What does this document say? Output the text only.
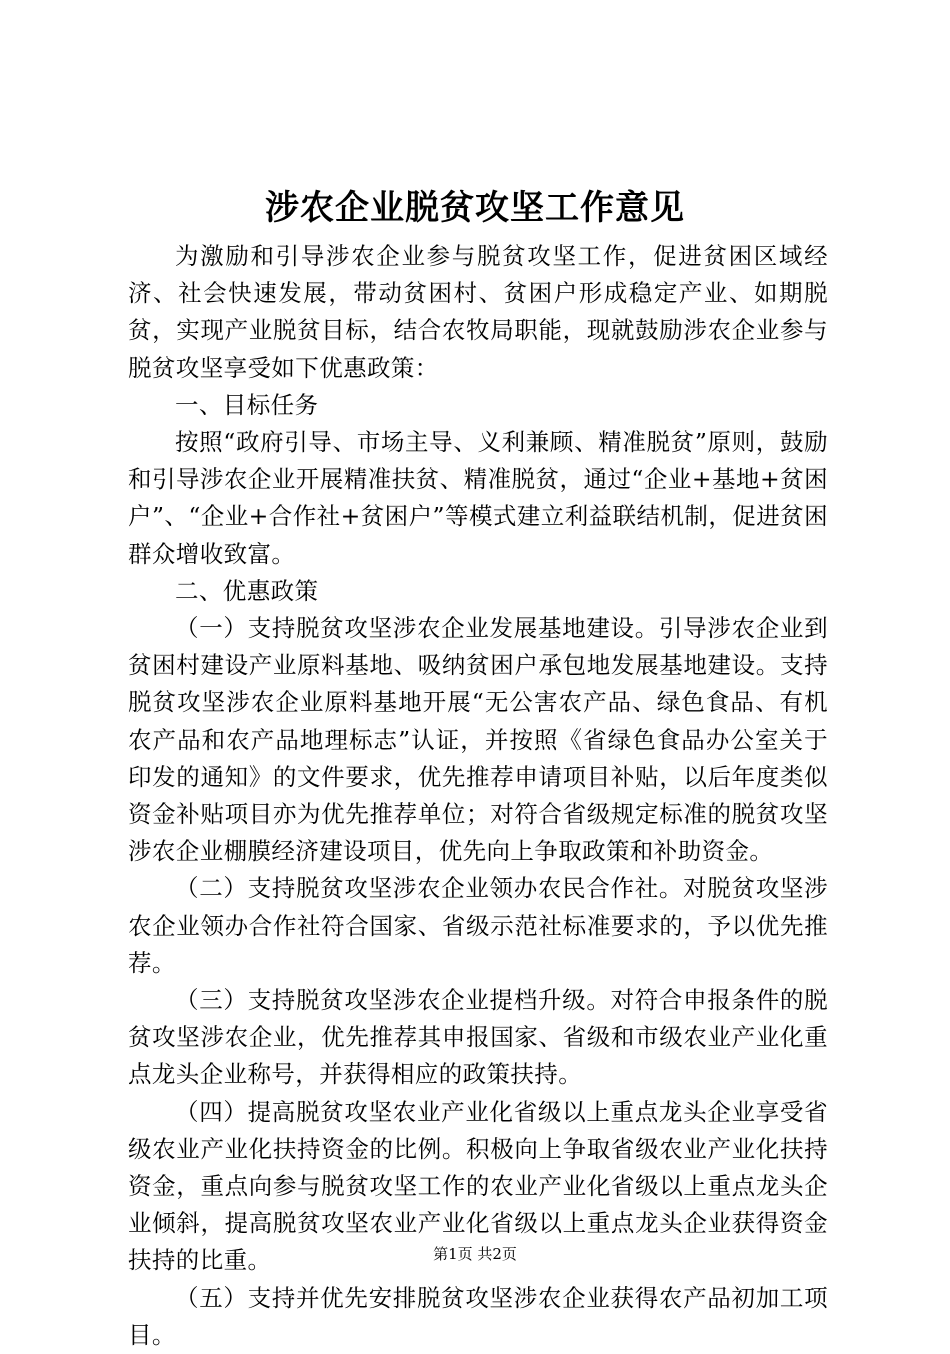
涉农企业脱贫攻坚工作意见

为激励和引导涉农企业参与脱贫攻坚工作，促进贫困区域经济、社会快速发展，带动贫困村、贫困户形成稳定产业、如期脱贫，实现产业脱贫目标，结合农牧局职能，现就鼓励涉农企业参与脱贫攻坚享受如下优惠政策：

一、目标任务

按照“政府引导、市场主导、义利兼顾、精准脱贫”原则，鼓励和引导涉农企业开展精准扶贫、精准脱贫，通过“企业+基地+贫困户”、“企业+合作社+贫困户”等模式建立利益联结机制，促进贫困群众增收致富。

二、优惠政策

（一）支持脱贫攻坚涉农企业发展基地建设。引导涉农企业到贫困村建设产业原料基地、吸纳贫困户承包地发展基地建设。支持脱贫攻坚涉农企业原料基地开展“无公害农产品、绿色食品、有机农产品和农产品地理标志”认证，并按照《省绿色食品办公室关于印发的通知》的文件要求，优先推荐申请项目补贴，以后年度类似资金补贴项目亦为优先推荐单位；对符合省级规定标准的脱贫攻坚涉农企业棚膜经济建设项目，优先向上争取政策和补助资金。

（二）支持脱贫攻坚涉农企业领办农民合作社。对脱贫攻坚涉农企业领办合作社符合国家、省级示范社标准要求的，予以优先推荐。

（三）支持脱贫攻坚涉农企业提档升级。对符合申报条件的脱贫攻坚涉农企业，优先推荐其申报国家、省级和市级农业产业化重点龙头企业称号，并获得相应的政策扶持。

（四）提高脱贫攻坚农业产业化省级以上重点龙头企业享受省级农业产业化扶持资金的比例。积极向上争取省级农业产业化扶持资金，重点向参与脱贫攻坚工作的农业产业化省级以上重点龙头企业倾斜，提高脱贫攻坚农业产业化省级以上重点龙头企业获得资金扶持的比重。

（五）支持并优先安排脱贫攻坚涉农企业获得农产品初加工项目。

第1页 共2页
